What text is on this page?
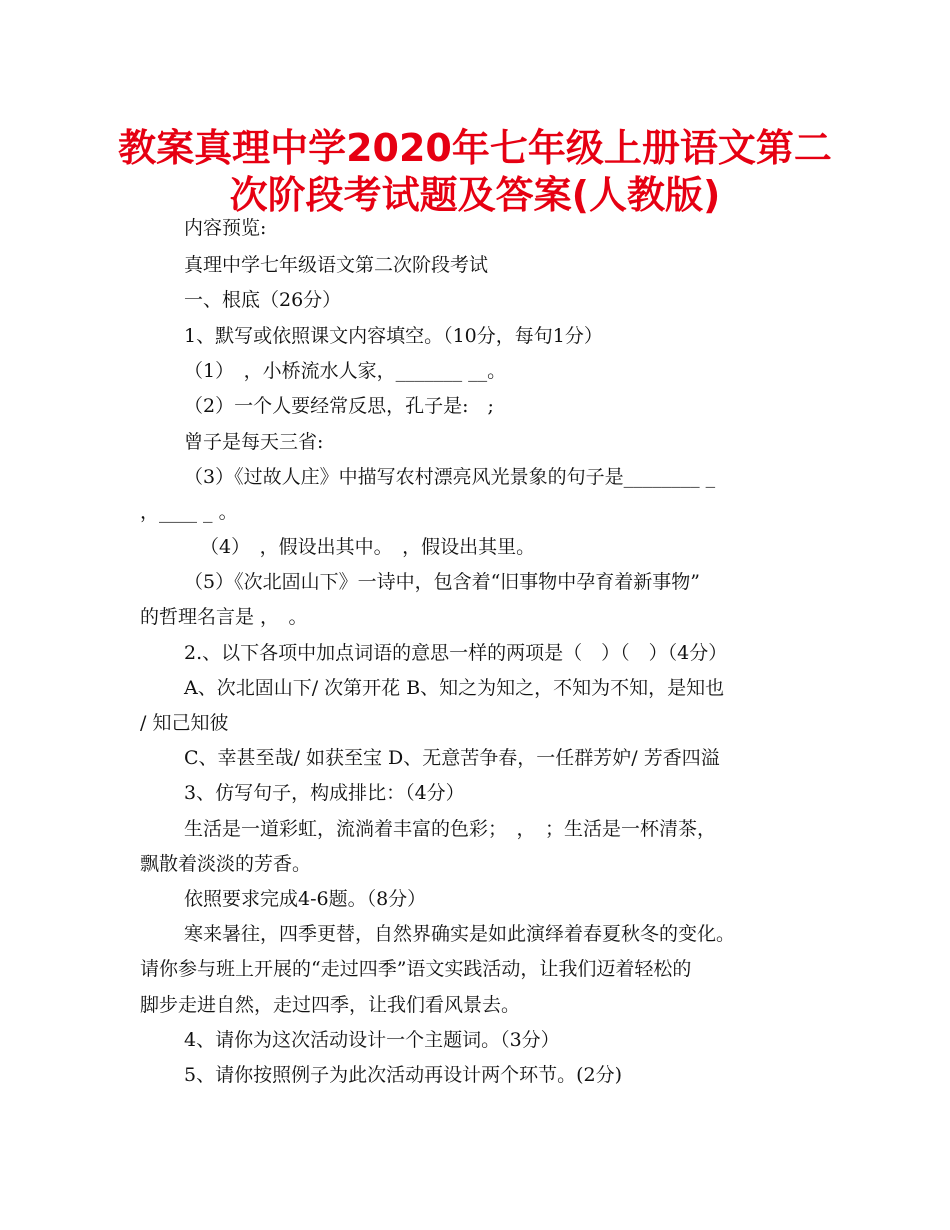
教案真理中学2020年七年级上册语文第二
次阶段考试题及答案(人教版)

内容预览:

真理中学七年级语文第二次阶段考试

一、根底（26分）

1、默写或依照课文内容填空。（10分，每句1分）

（1）　，小桥流水人家，_______ __。

（2）一个人要经常反思，孔子是:　;

曾子是每天三省:

（3）《过故人庄》中描写农村漂亮风光景象的句子是________ _

，____ _ 。

（4）　，假设出其中。　，假设出其里。

（5）《次北固山下》一诗中，包含着“旧事物中孕育着新事物”

的哲理名言是 ，　。

2.、以下各项中加点词语的意思一样的两项是（　）（　）（4分）

A、次北固山下/ 次第开花 B、知之为知之，不知为不知，是知也

/ 知己知彼

C、幸甚至哉/ 如获至宝 D、无意苦争春，一任群芳妒/ 芳香四溢

3、仿写句子，构成排比：（4分）

生活是一道彩虹，流淌着丰富的色彩；　，　；生活是一杯清茶，

飘散着淡淡的芳香。

依照要求完成4-6题。（8分）

寒来暑往，四季更替，自然界确实是如此演绎着春夏秋冬的变化。

请你参与班上开展的“走过四季”语文实践活动，让我们迈着轻松的

脚步走进自然，走过四季，让我们看风景去。

4、请你为这次活动设计一个主题词。（3分）

5、请你按照例子为此次活动再设计两个环节。(2分)
